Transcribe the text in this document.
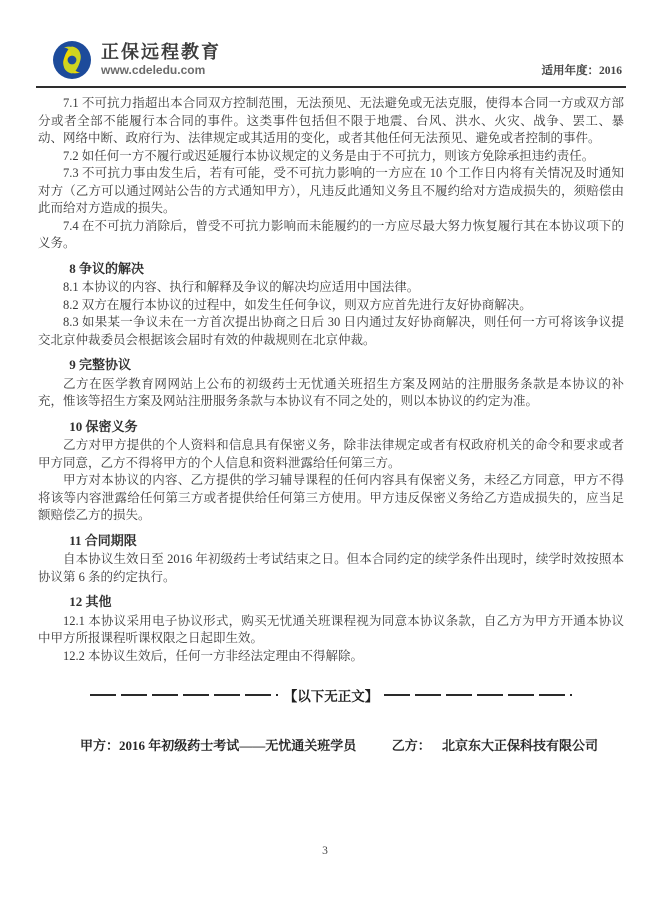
正保远程教育
www.cdeledu.com	适用年度：2016

7.1 不可抗力指超出本合同双方控制范围，无法预见、无法避免或无法克服，使得本合同一方或双方部分或者全部不能履行本合同的事件。这类事件包括但不限于地震、台风、洪水、火灾、战争、罢工、暴动、网络中断、政府行为、法律规定或其适用的变化，或者其他任何无法预见、避免或者控制的事件。

7.2 如任何一方不履行或迟延履行本协议规定的义务是由于不可抗力，则该方免除承担违约责任。

7.3 不可抗力事由发生后，若有可能，受不可抗力影响的一方应在 10 个工作日内将有关情况及时通知对方（乙方可以通过网站公告的方式通知甲方），凡违反此通知义务且不履约给对方造成损失的，须赔偿由此而给对方造成的损失。

7.4 在不可抗力消除后，曾受不可抗力影响而未能履约的一方应尽最大努力恢复履行其在本协议项下的义务。

8 争议的解决

8.1 本协议的内容、执行和解释及争议的解决均应适用中国法律。

8.2 双方在履行本协议的过程中，如发生任何争议，则双方应首先进行友好协商解决。

8.3 如果某一争议未在一方首次提出协商之日后 30 日内通过友好协商解决，则任何一方可将该争议提交北京仲裁委员会根据该会届时有效的仲裁规则在北京仲裁。

9 完整协议

乙方在医学教育网网站上公布的初级药士无忧通关班招生方案及网站的注册服务条款是本协议的补充，惟该等招生方案及网站注册服务条款与本协议有不同之处的，则以本协议的约定为准。

10 保密义务

乙方对甲方提供的个人资料和信息具有保密义务，除非法律规定或者有权政府机关的命令和要求或者甲方同意，乙方不得将甲方的个人信息和资料泄露给任何第三方。

甲方对本协议的内容、乙方提供的学习辅导课程的任何内容具有保密义务，未经乙方同意，甲方不得将该等内容泄露给任何第三方或者提供给任何第三方使用。甲方违反保密义务给乙方造成损失的，应当足额赔偿乙方的损失。

11 合同期限

自本协议生效日至 2016 年初级药士考试结束之日。但本合同约定的续学条件出现时，续学时效按照本协议第 6 条的约定执行。

12 其他

12.1 本协议采用电子协议形式，购买无忧通关班课程视为同意本协议条款，自乙方为甲方开通本协议中甲方所报课程听课权限之日起即生效。

12.2 本协议生效后，任何一方非经法定理由不得解除。

【以下无正文】
甲方：2016 年初级药士考试——无忧通关班学员	乙方： 北京东大正保科技有限公司
3
